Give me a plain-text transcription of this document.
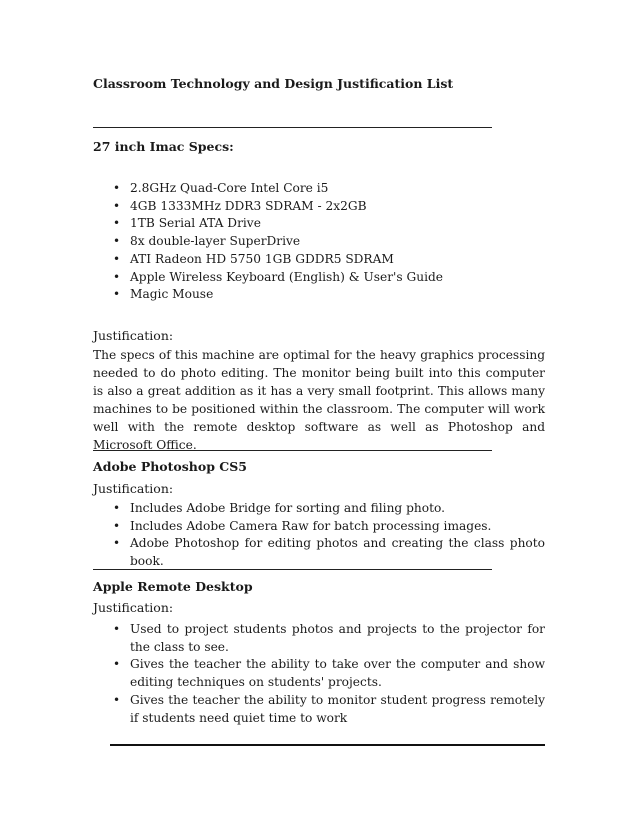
Classroom Technology and Design Justification List
27 inch Imac Specs:
• 2.8GHz Quad-Core Intel Core i5
• 4GB 1333MHz DDR3 SDRAM - 2x2GB
• 1TB Serial ATA Drive
• 8x double-layer SuperDrive
• ATI Radeon HD 5750 1GB GDDR5 SDRAM
• Apple Wireless Keyboard (English) & User's Guide
• Magic Mouse
Justification:
The specs of this machine are optimal for the heavy graphics processing needed to do photo editing. The monitor being built into this computer is also a great addition as it has a very small footprint. This allows many machines to be positioned within the classroom. The computer will work well with the remote desktop software as well as Photoshop and Microsoft Office.
Adobe Photoshop CS5
Justification:
• Includes Adobe Bridge for sorting and filing photo.
• Includes Adobe Camera Raw for batch processing images.
• Adobe Photoshop for editing photos and creating the class photo book.
Apple Remote Desktop
Justification:
• Used to project students photos and projects to the projector for the class to see.
• Gives the teacher the ability to take over the computer and show editing techniques on students' projects.
• Gives the teacher the ability to monitor student progress remotely if students need quiet time to work
